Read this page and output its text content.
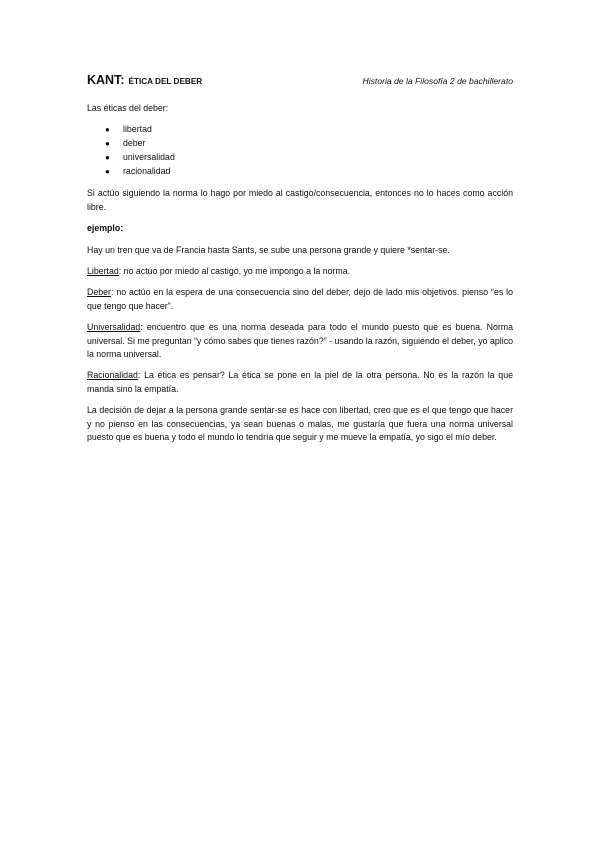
KANT: ÉTICA DEL DEBER	Historia de la Filosofía 2 de bachillerato

Las éticas del deber:

● libertad
● deber
● universalidad
● racionalidad

Si actúo siguiendo la norma lo hago por miedo al castigo/consecuencia, entonces no lo haces como acción libre.

ejemplo:

Hay un tren que va de Francia hasta Sants, se sube una persona grande y quiere *sentar-se.

Libertad: no actúo por miedo al castigo, yo me impongo a la norma.

Deber: no actúo en la espera de una consecuencia sino del deber, dejo de lado mis objetivos. pienso “es lo que tengo que hacer”.

Universalidad: encuentro que es una norma deseada para todo el mundo puesto que es buena. Norma universal. Si me preguntan “y cómo sabes que tienes razón?” - usando la razón, siguiendo el deber, yo aplico la norma universal.

Racionalidad: La ética es pensar? La ética se pone en la piel de la otra persona. No es la razón la que manda sino la empatía.

La decisión de dejar a la persona grande sentar-se es hace con libertad, creo que es el que tengo que hacer y no pienso en las consecuencias, ya sean buenas o malas, me gustaría que fuera una norma universal puesto que es buena y todo el mundo lo tendría que seguir y me mueve la empatía, yo sigo el mío deber.
